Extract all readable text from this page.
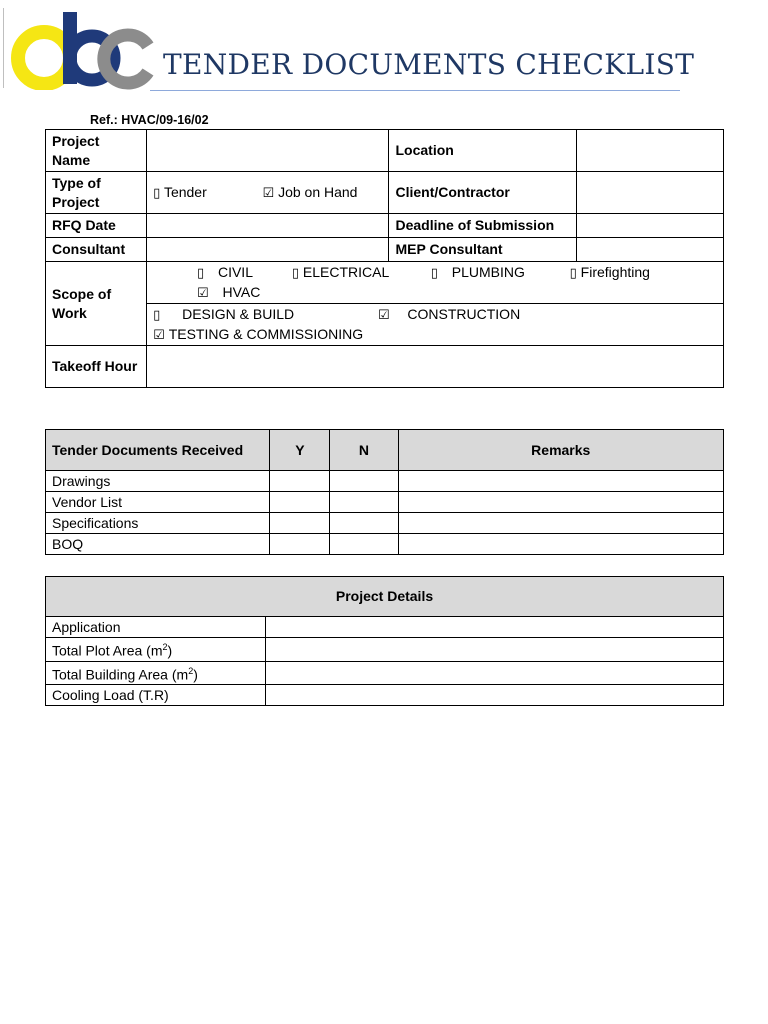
TENDER DOCUMENTS CHECKLIST
Ref.: HVAC/09-16/02
Project Name		Location	
Type of Project	▯ Tender ☑ Job on Hand	Client/Contractor	
RFQ Date		Deadline of Submission	
Consultant		MEP Consultant	
Scope of Work	▯ CIVIL ▯ ELECTRICAL ▯ PLUMBING ▯ Firefighting
☑ HVAC		
	▯ DESIGN & BUILD ☑ CONSTRUCTION
☑ TESTING & COMMISSIONING		
Takeoff Hour			
Tender Documents Received	Y	N	Remarks
Drawings			
Vendor List			
Specifications			
BOQ			
Project Details	
Application	
Total Plot Area $(m^2)$	
Total Building Area $(m^2)$	
Cooling Load (T.R)	
